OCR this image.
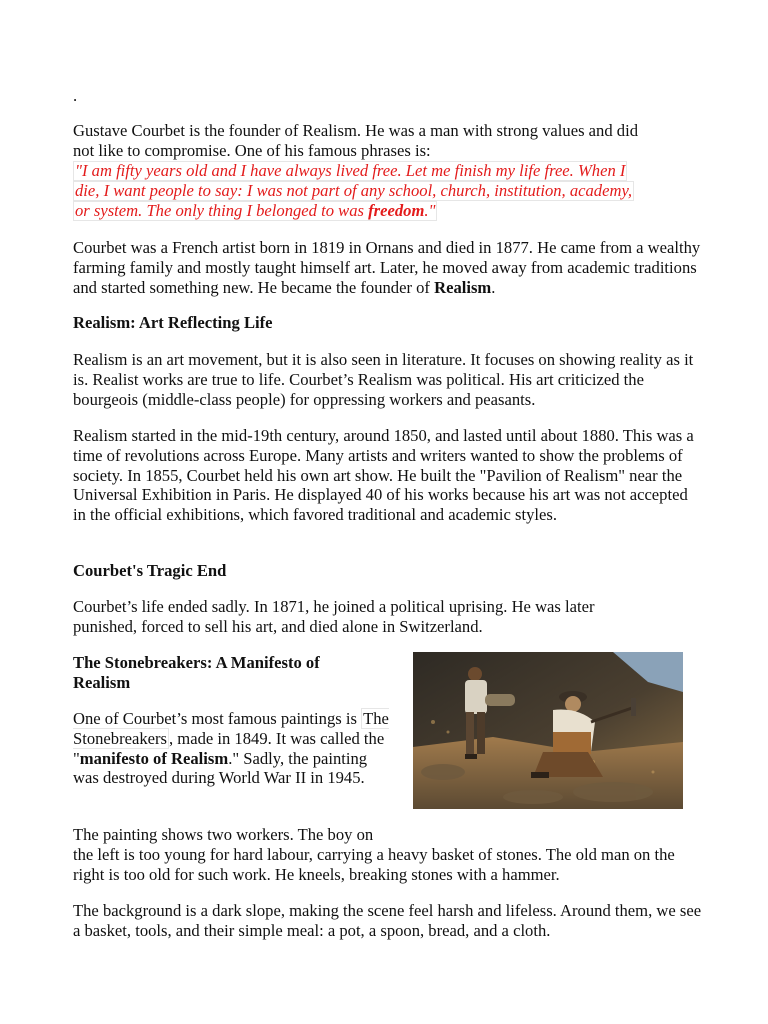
.

Gustave Courbet is the founder of Realism. He was a man with strong values and did
not like to compromise. One of his famous phrases is:

"I am fifty years old and I have always lived free. Let me finish my life free. When I
die, I want people to say: I was not part of any school, church, institution, academy,
or system. The only thing I belonged to was freedom."

Courbet was a French artist born in 1819 in Ornans and died in 1877. He came from a wealthy farming family and mostly taught himself art. Later, he moved away from academic traditions and started something new. He became the founder of Realism.

Realism: Art Reflecting Life

Realism is an art movement, but it is also seen in literature. It focuses on showing reality as it is. Realist works are true to life. Courbet’s Realism was political. His art criticized the bourgeois (middle-class people) for oppressing workers and peasants.

Realism started in the mid-19th century, around 1850, and lasted until about 1880. This was a time of revolutions across Europe. Many artists and writers wanted to show the problems of society. In 1855, Courbet held his own art show. He built the "Pavilion of Realism" near the Universal Exhibition in Paris. He displayed 40 of his works because his art was not accepted in the official exhibitions, which favored traditional and academic styles.

Courbet's Tragic End

Courbet’s life ended sadly. In 1871, he joined a political uprising. He was later punished, forced to sell his art, and died alone in Switzerland.

The Stonebreakers: A Manifesto of Realism

One of Courbet’s most famous paintings is The Stonebreakers , made in 1849. It was called the "manifesto of Realism." Sadly, the painting was destroyed during World War II in 1945.

The painting shows two workers. The boy on
the left is too young for hard labour, carrying a heavy basket of stones. The old man on the right is too old for such work. He kneels, breaking stones with a hammer.

The background is a dark slope, making the scene feel harsh and lifeless. Around them, we see a basket, tools, and their simple meal: a pot, a spoon, bread, and a cloth.
